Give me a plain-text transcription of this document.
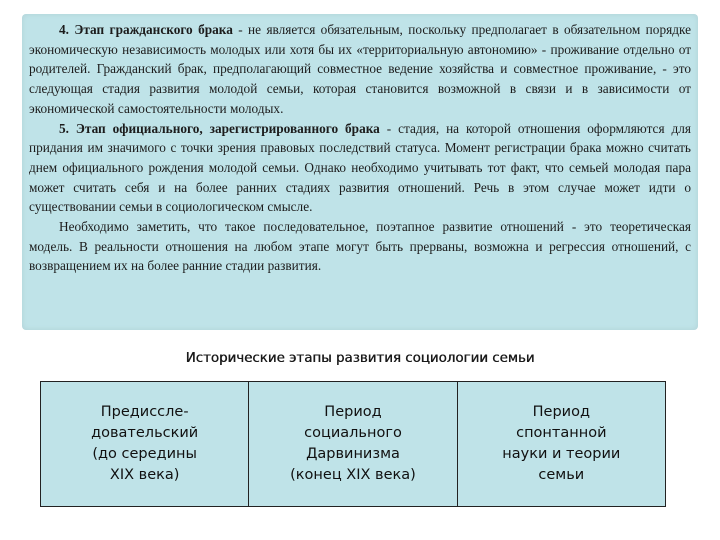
4. Этап гражданского брака - не является обязательным, поскольку предполагает в обязательном порядке экономическую независимость молодых или хотя бы их «территориальную автономию» - проживание отдельно от родителей. Гражданский брак, предполагающий совместное ведение хозяйства и совместное проживание, - это следующая стадия развития молодой семьи, которая становится возможной в связи и в зависимости от экономической самостоятельности молодых.

5. Этап официального, зарегистрированного брака - стадия, на которой отношения оформляются для придания им значимого с точки зрения правовых последствий статуса. Момент регистрации брака можно считать днем официального рождения молодой семьи. Однако необходимо учитывать тот факт, что семьей молодая пара может считать себя и на более ранних стадиях развития отношений. Речь в этом случае может идти о существовании семьи в социологическом смысле.

Необходимо заметить, что такое последовательное, поэтапное развитие отношений - это теоретическая модель. В реальности отношения на любом этапе могут быть прерваны, возможна и регрессия отношений, с возвращением их на более ранние стадии развития.

Исторические этапы развития социологии семьи
Предиссле-
довательский
(до середины
XIX века)
Период
социального
Дарвинизма
(конец XIX века)
Период
спонтанной
науки и теории
семьи
